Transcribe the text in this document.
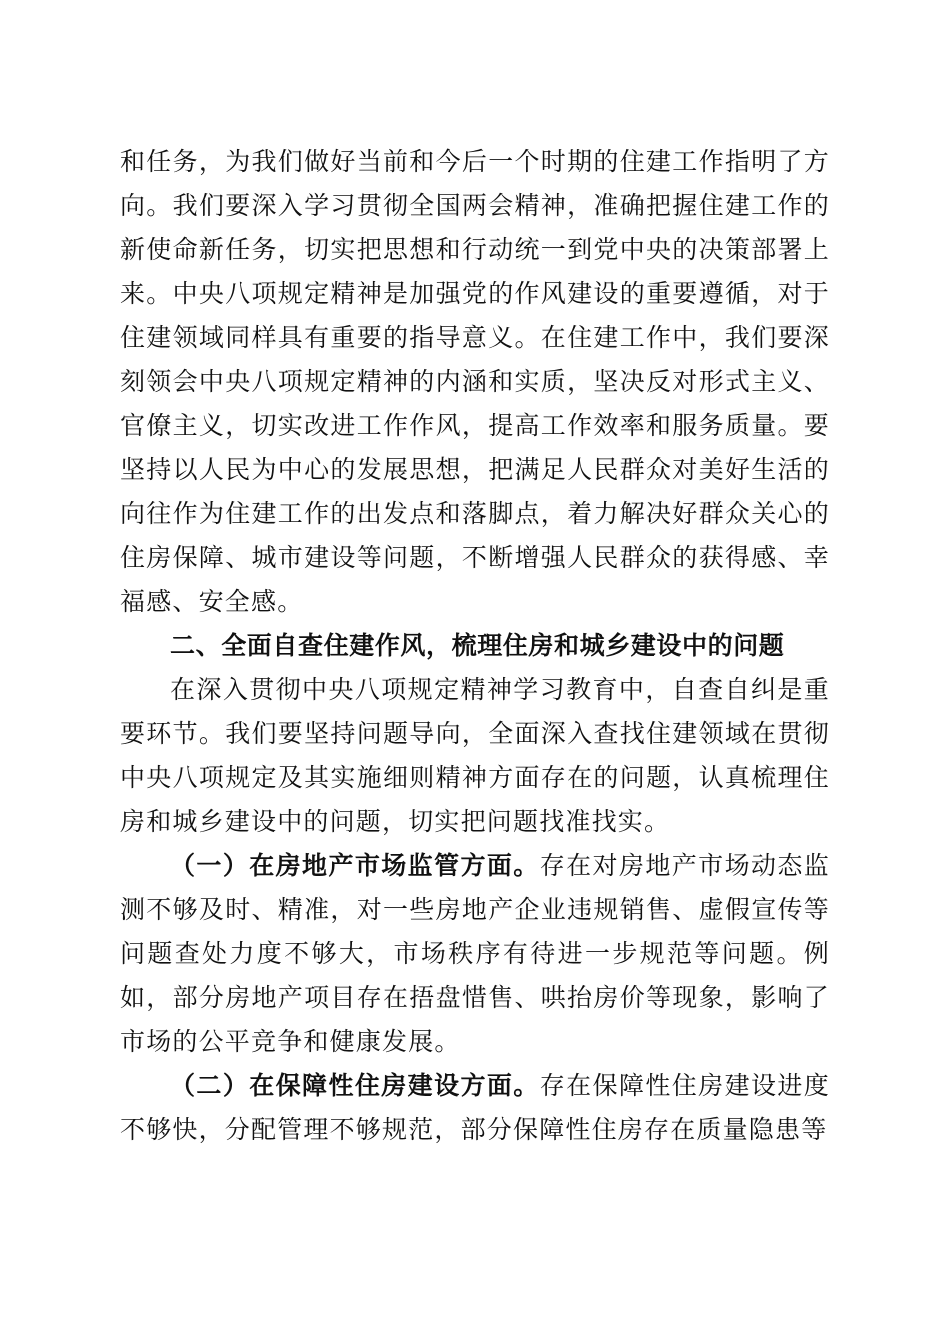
和任务，为我们做好当前和今后一个时期的住建工作指明了方向。我们要深入学习贯彻全国两会精神，准确把握住建工作的新使命新任务，切实把思想和行动统一到党中央的决策部署上来。中央八项规定精神是加强党的作风建设的重要遵循，对于住建领域同样具有重要的指导意义。在住建工作中，我们要深刻领会中央八项规定精神的内涵和实质，坚决反对形式主义、官僚主义，切实改进工作作风，提高工作效率和服务质量。要坚持以人民为中心的发展思想，把满足人民群众对美好生活的向往作为住建工作的出发点和落脚点，着力解决好群众关心的住房保障、城市建设等问题，不断增强人民群众的获得感、幸福感、安全感。

二、全面自查住建作风，梳理住房和城乡建设中的问题

在深入贯彻中央八项规定精神学习教育中，自查自纠是重要环节。我们要坚持问题导向，全面深入查找住建领域在贯彻中央八项规定及其实施细则精神方面存在的问题，认真梳理住房和城乡建设中的问题，切实把问题找准找实。

（一）在房地产市场监管方面。存在对房地产市场动态监测不够及时、精准，对一些房地产企业违规销售、虚假宣传等问题查处力度不够大，市场秩序有待进一步规范等问题。例如，部分房地产项目存在捂盘惜售、哄抬房价等现象，影响了市场的公平竞争和健康发展。

（二）在保障性住房建设方面。存在保障性住房建设进度不够快，分配管理不够规范，部分保障性住房存在质量隐患等
